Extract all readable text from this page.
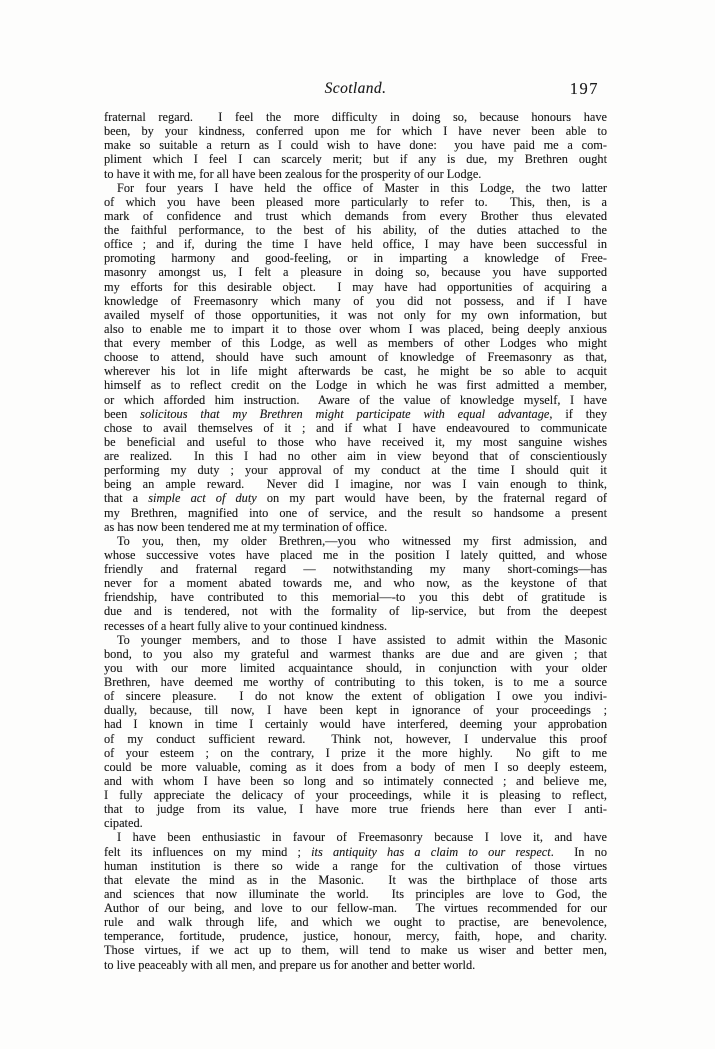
Scotland.	197
fraternal regard.  I feel the more difficulty in doing so, because honours have
been, by your kindness, conferred upon me for which I have never been able to
make so suitable a return as I could wish to have done:  you have paid me a com-
pliment which I feel I can scarcely merit; but if any is due, my Brethren ought
to have it with me, for all have been zealous for the prosperity of our Lodge.
For four years I have held the office of Master in this Lodge, the two latter
of which you have been pleased more particularly to refer to.  This, then, is a
mark of confidence and trust which demands from every Brother thus elevated
the faithful performance, to the best of his ability, of the duties attached to the
office ; and if, during the time I have held office, I may have been successful in
promoting harmony and good-feeling, or in imparting a knowledge of Free-
masonry amongst us, I felt a pleasure in doing so, because you have supported
my efforts for this desirable object.  I may have had opportunities of acquiring a
knowledge of Freemasonry which many of you did not possess, and if I have
availed myself of those opportunities, it was not only for my own information, but
also to enable me to impart it to those over whom I was placed, being deeply anxious
that every member of this Lodge, as well as members of other Lodges who might
choose to attend, should have such amount of knowledge of Freemasonry as that,
wherever his lot in life might afterwards be cast, he might be so able to acquit
himself as to reflect credit on the Lodge in which he was first admitted a member,
or which afforded him instruction.  Aware of the value of knowledge myself, I have
been solicitous that my Brethren might participate with equal advantage, if they
chose to avail themselves of it ; and if what I have endeavoured to communicate
be beneficial and useful to those who have received it, my most sanguine wishes
are realized.  In this I had no other aim in view beyond that of conscientiously
performing my duty ; your approval of my conduct at the time I should quit it
being an ample reward.  Never did I imagine, nor was I vain enough to think,
that a simple act of duty on my part would have been, by the fraternal regard of
my Brethren, magnified into one of service, and the result so handsome a present
as has now been tendered me at my termination of office.
To you, then, my older Brethren,—you who witnessed my first admission, and
whose successive votes have placed me in the position I lately quitted, and whose
friendly and fraternal regard — notwithstanding my many short-comings—has
never for a moment abated towards me, and who now, as the keystone of that
friendship, have contributed to this memorial—-to you this debt of gratitude is
due and is tendered, not with the formality of lip-service, but from the deepest
recesses of a heart fully alive to your continued kindness.
To younger members, and to those I have assisted to admit within the Masonic
bond, to you also my grateful and warmest thanks are due and are given ; that
you with our more limited acquaintance should, in conjunction with your older
Brethren, have deemed me worthy of contributing to this token, is to me a source
of sincere pleasure.  I do not know the extent of obligation I owe you indivi-
dually, because, till now, I have been kept in ignorance of your proceedings ;
had I known in time I certainly would have interfered, deeming your approbation
of my conduct sufficient reward.  Think not, however, I undervalue this proof
of your esteem ; on the contrary, I prize it the more highly.  No gift to me
could be more valuable, coming as it does from a body of men I so deeply esteem,
and with whom I have been so long and so intimately connected ; and believe me,
I fully appreciate the delicacy of your proceedings, while it is pleasing to reflect,
that to judge from its value, I have more true friends here than ever I anti-
cipated.
I have been enthusiastic in favour of Freemasonry because I love it, and have
felt its influences on my mind ; its antiquity has a claim to our respect.  In no
human institution is there so wide a range for the cultivation of those virtues
that elevate the mind as in the Masonic.  It was the birthplace of those arts
and sciences that now illuminate the world.  Its principles are love to God, the
Author of our being, and love to our fellow-man.  The virtues recommended for our
rule and walk through life, and which we ought to practise, are benevolence,
temperance, fortitude, prudence, justice, honour, mercy, faith, hope, and charity.
Those virtues, if we act up to them, will tend to make us wiser and better men,
to live peaceably with all men, and prepare us for another and better world.
